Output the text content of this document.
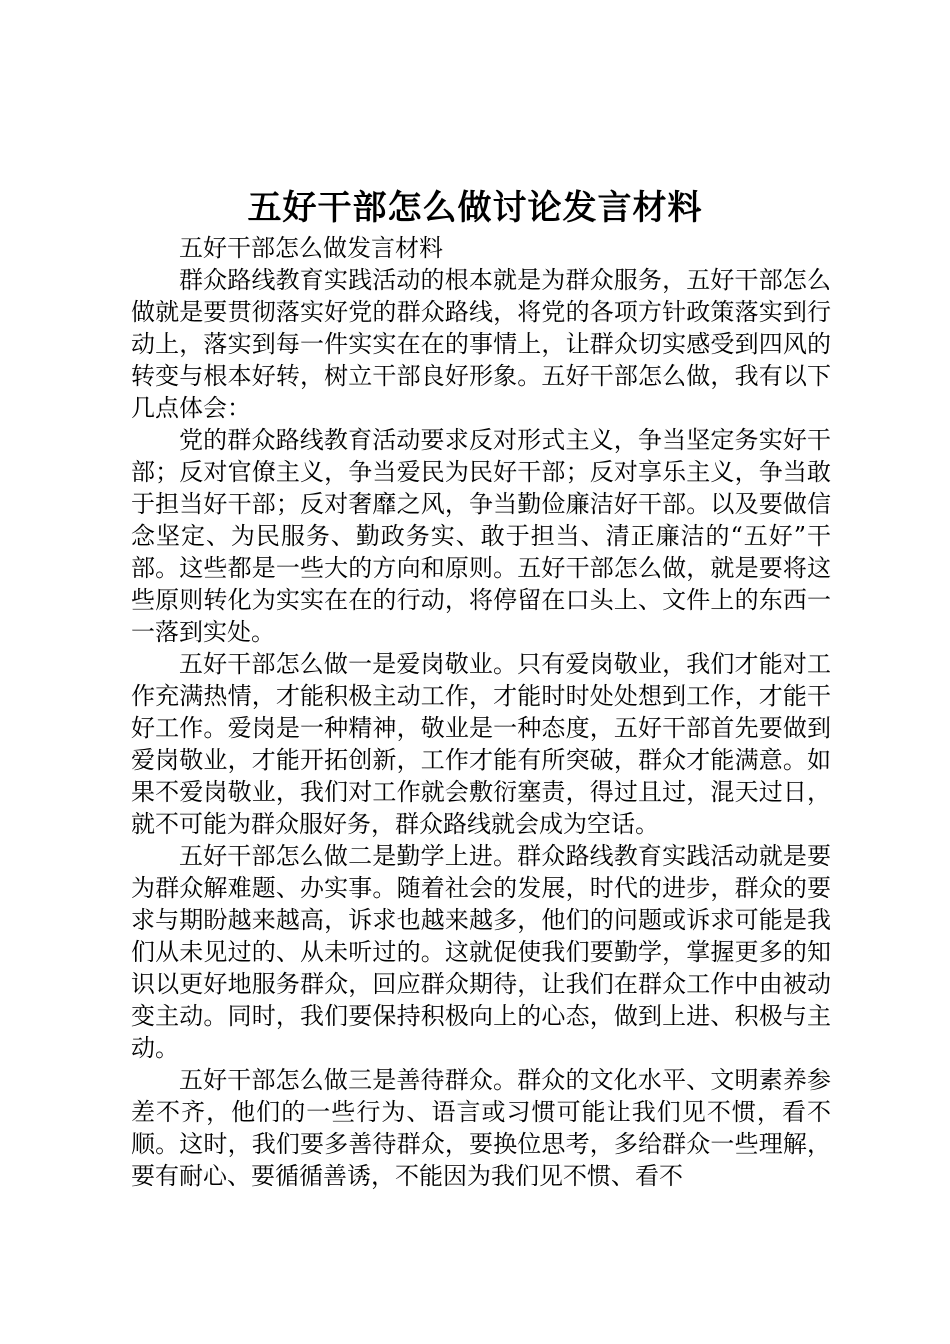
五好干部怎么做讨论发言材料

五好干部怎么做发言材料

群众路线教育实践活动的根本就是为群众服务，五好干部怎么做就是要贯彻落实好党的群众路线，将党的各项方针政策落实到行动上，落实到每一件实实在在的事情上，让群众切实感受到四风的转变与根本好转，树立干部良好形象。五好干部怎么做，我有以下几点体会：

党的群众路线教育活动要求反对形式主义，争当坚定务实好干部；反对官僚主义，争当爱民为民好干部；反对享乐主义，争当敢于担当好干部；反对奢靡之风，争当勤俭廉洁好干部。以及要做信念坚定、为民服务、勤政务实、敢于担当、清正廉洁的“五好”干部。这些都是一些大的方向和原则。五好干部怎么做，就是要将这些原则转化为实实在在的行动，将停留在口头上、文件上的东西一一落到实处。

五好干部怎么做一是爱岗敬业。只有爱岗敬业，我们才能对工作充满热情，才能积极主动工作，才能时时处处想到工作，才能干好工作。爱岗是一种精神，敬业是一种态度，五好干部首先要做到爱岗敬业，才能开拓创新，工作才能有所突破，群众才能满意。如果不爱岗敬业，我们对工作就会敷衍塞责，得过且过，混天过日，就不可能为群众服好务，群众路线就会成为空话。

五好干部怎么做二是勤学上进。群众路线教育实践活动就是要为群众解难题、办实事。随着社会的发展，时代的进步，群众的要求与期盼越来越高，诉求也越来越多，他们的问题或诉求可能是我们从未见过的、从未听过的。这就促使我们要勤学，掌握更多的知识以更好地服务群众，回应群众期待，让我们在群众工作中由被动变主动。同时，我们要保持积极向上的心态，做到上进、积极与主动。

五好干部怎么做三是善待群众。群众的文化水平、文明素养参差不齐，他们的一些行为、语言或习惯可能让我们见不惯，看不顺。这时，我们要多善待群众，要换位思考，多给群众一些理解，要有耐心、要循循善诱，不能因为我们见不惯、看不
